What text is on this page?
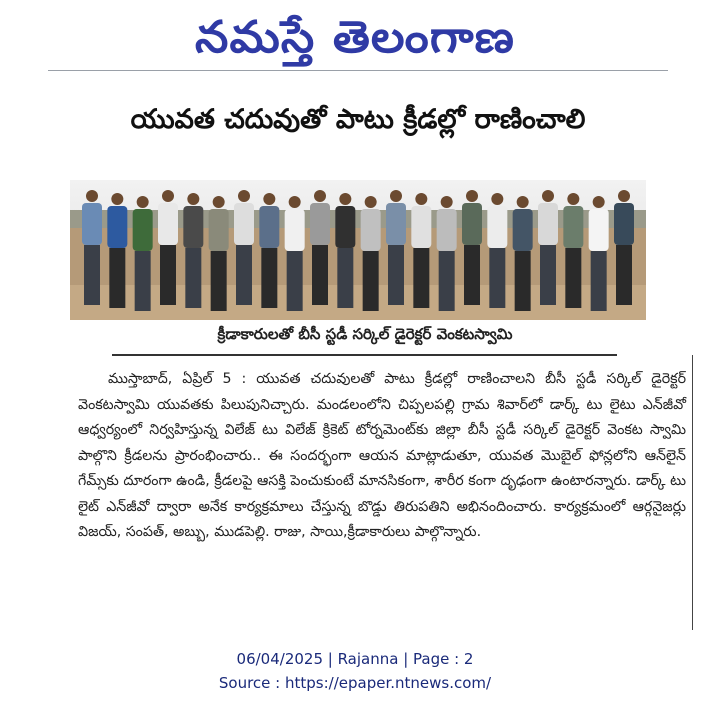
నమస్తే తెలంగాణ
యువత చదువుతో పాటు క్రీడల్లో రాణించాలి
క్రీడాకారులతో బీసీ స్టడీ సర్కిల్ డైరెక్టర్ వెంకటస్వామి

ముస్తాబాద్, ఏప్రిల్ 5 : యువత చదువులతో పాటు క్రీడల్లో రాణించాలని బీసీ స్టడీ సర్కిల్ డైరెక్టర్ వెంకటస్వామి యువతకు పిలుపునిచ్చారు. మండలంలోని చిప్పలపల్లి గ్రామ శివార్‌లో డార్క్ టు లైటు ఎన్‌జీవో ఆధ్వర్యంలో నిర్వహిస్తున్న విలేజ్ టు విలేజ్ క్రికెట్ టోర్నమెంట్‌కు జిల్లా బీసీ స్టడీ సర్కిల్ డైరెక్టర్ వెంకట స్వామి పాల్గొని క్రీడలను ప్రారంభించారు.. ఈ సందర్భంగా ఆయన మాట్లాడుతూ, యువత మొబైల్ ఫోన్లలోని ఆన్‌లైన్ గేమ్స్‌కు దూరంగా ఉండి, క్రీడలపై ఆసక్తి పెంచుకుంటే మానసికంగా, శారీర కంగా దృఢంగా ఉంటారన్నారు. డార్క్ టు లైట్ ఎన్‌జీవో ద్వారా అనేక కార్యక్రమాలు చేస్తున్న బొడ్డు తిరుపతిని అభినందించారు. కార్యక్రమంలో ఆర్గనైజర్లు విజయ్, సంపత్, అబ్బు, ముడపెల్లి. రాజు, సాయి,క్రీడాకారులు పాల్గొన్నారు.

06/04/2025 | Rajanna | Page : 2
Source : https://epaper.ntnews.com/
